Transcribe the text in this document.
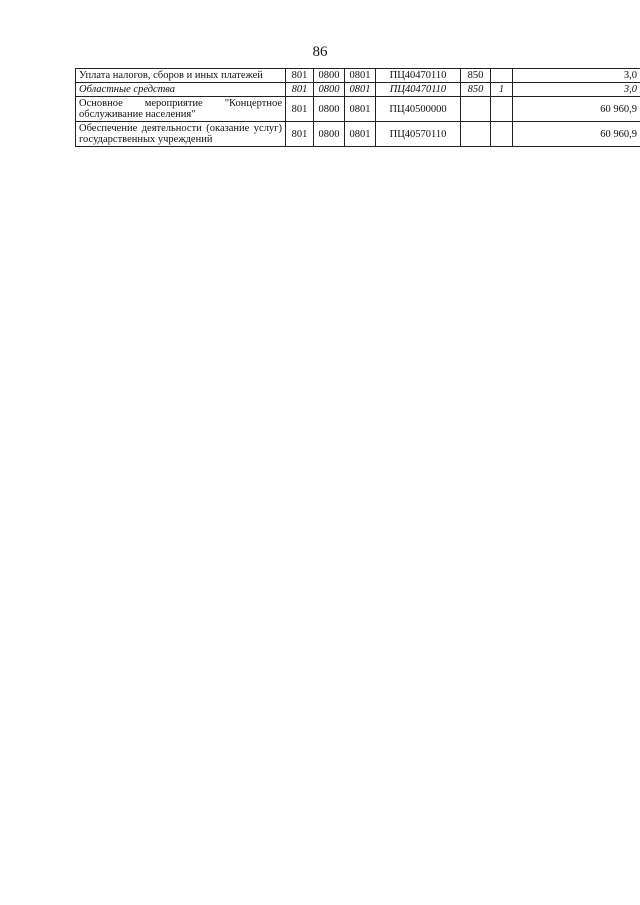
86
Уплата налогов, сборов и иных платежей	801	0800	0801	ПЦ40470110	850		3,0
Областные средства	801	0800	0801	ПЦ40470110	850	1	3,0
Основное мероприятие "Концертное обслуживание населения"	801	0800	0801	ПЦ40500000			60 960,9
Обеспечение деятельности (оказание услуг) государственных учреждений	801	0800	0801	ПЦ40570110			60 960,9
